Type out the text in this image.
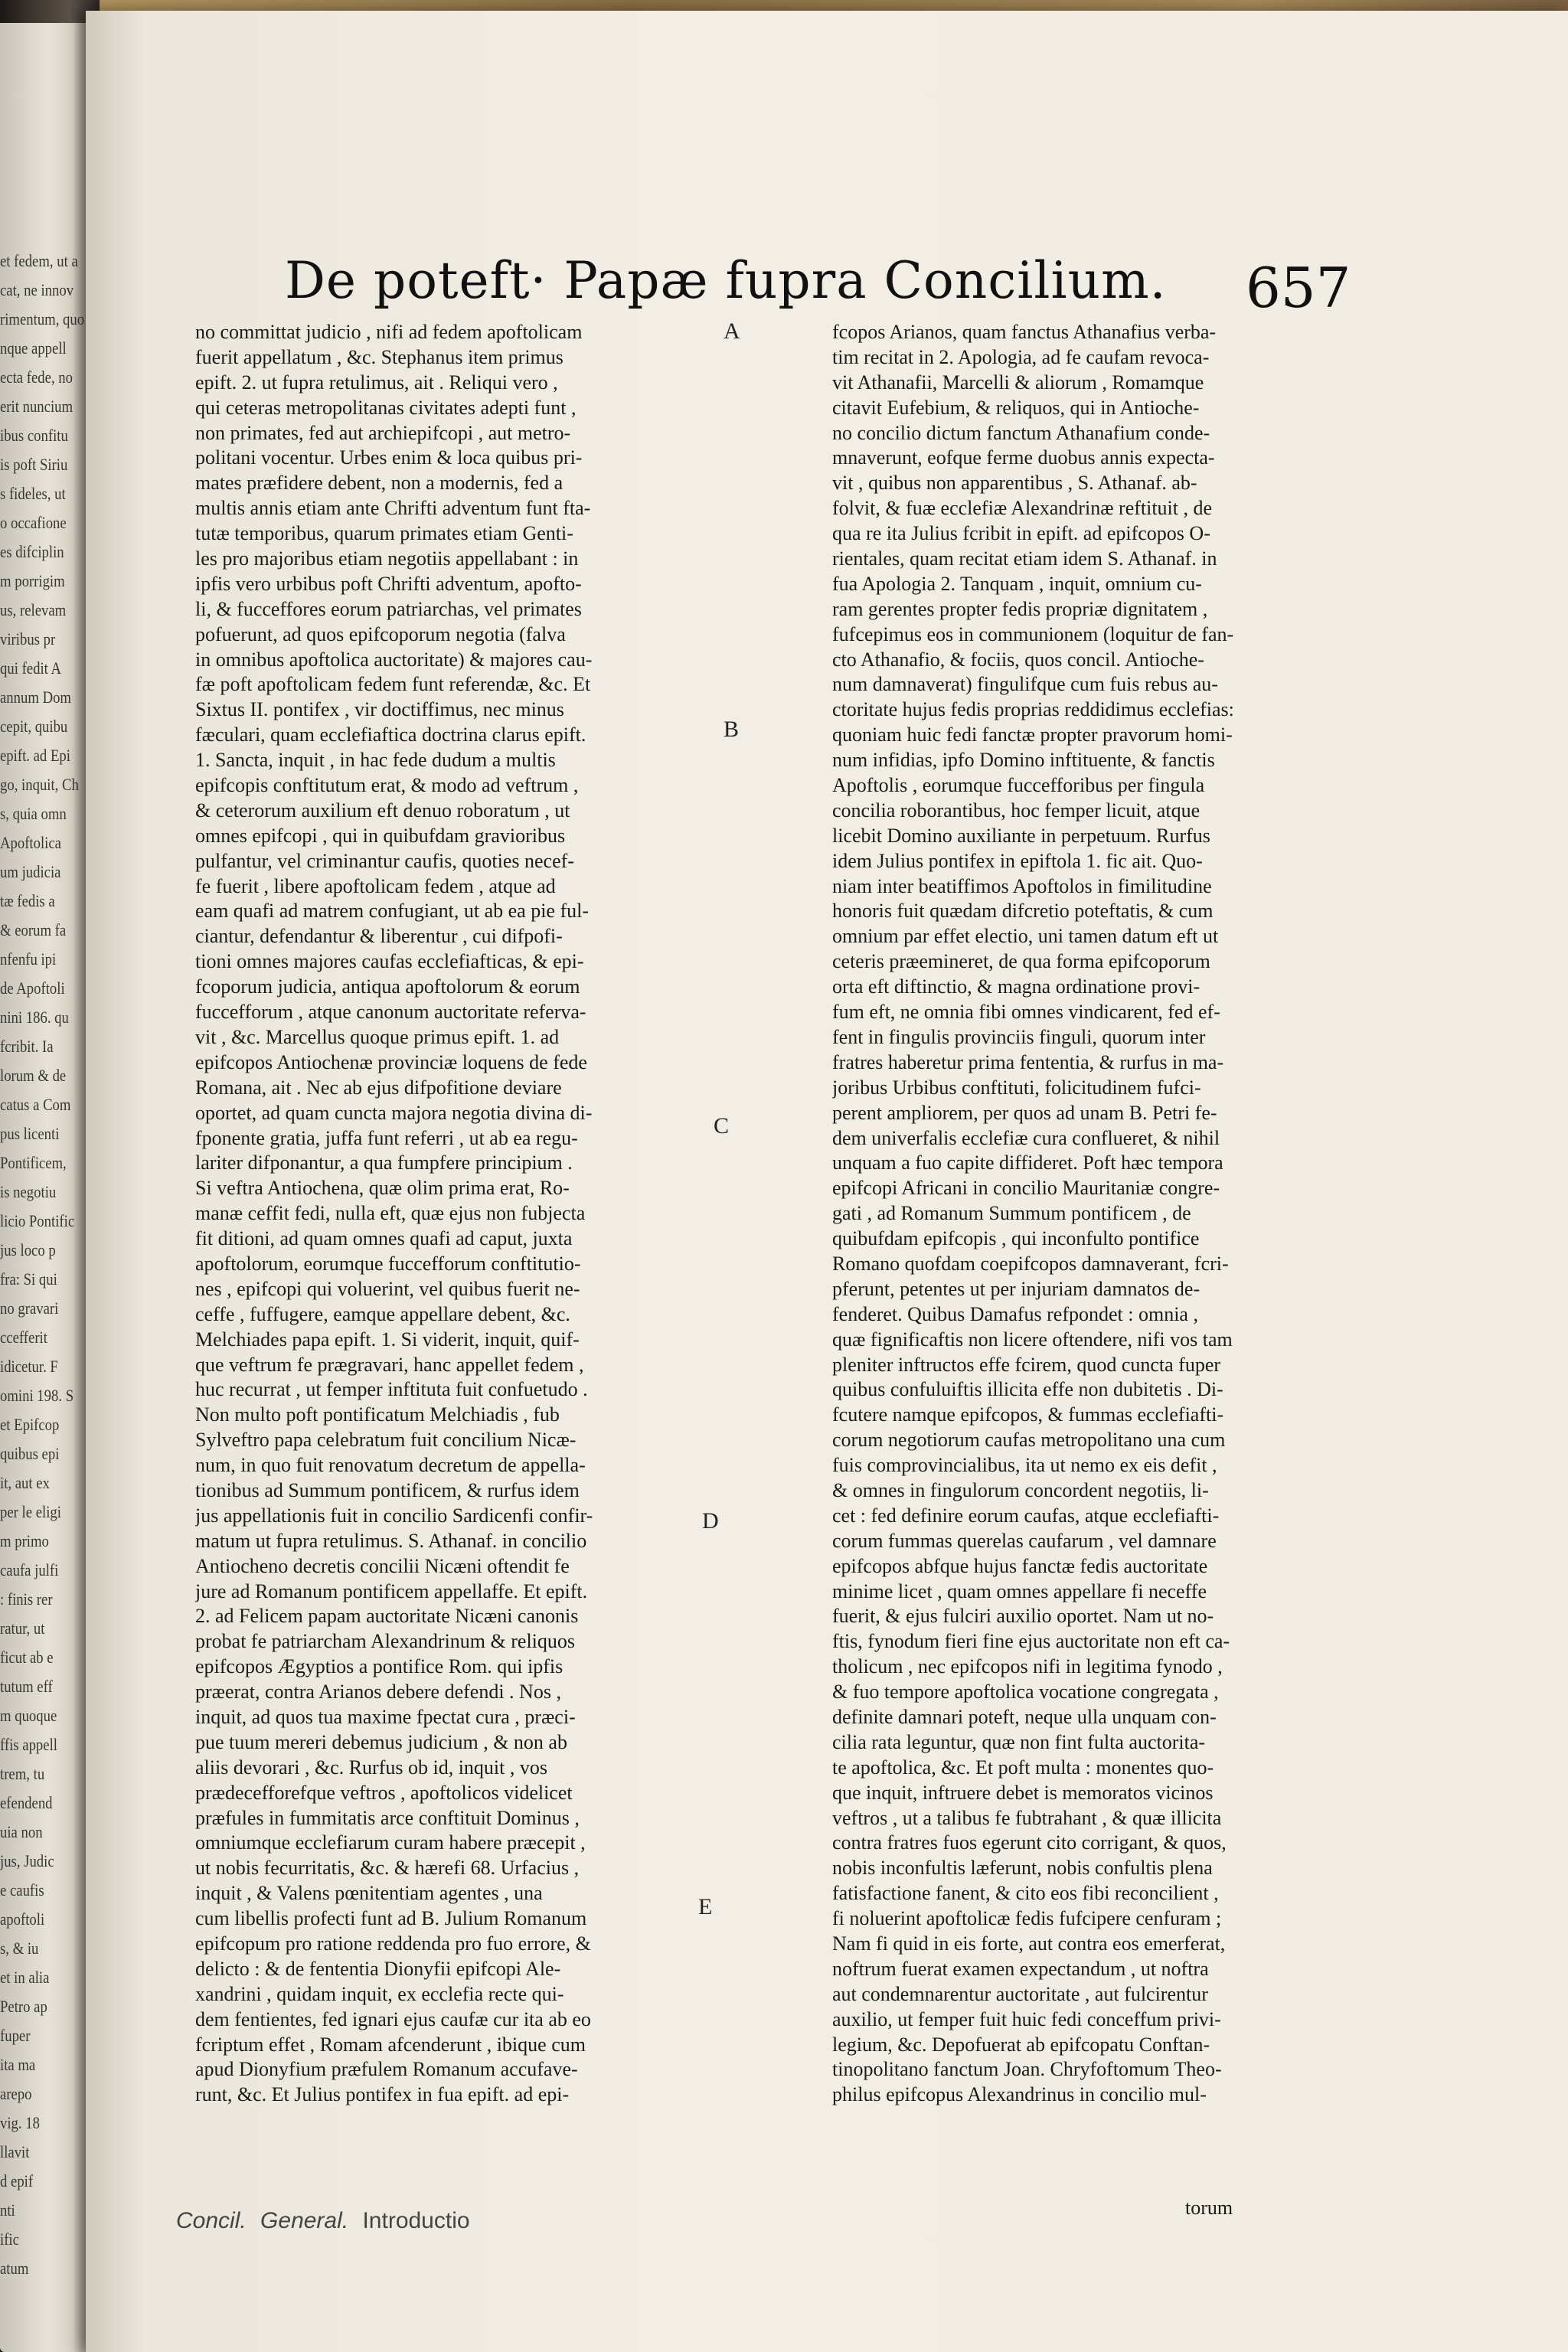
et fedem, ut a
cat, ne innov
rimentum, quo
nque appell
ecta fede, no
erit nuncium
ibus confitu
is poft Siriu
s fideles, ut
o occafione
es difciplin
m porrigim
us, relevam
viribus pr
qui fedit A
annum Dom
cepit, quibu
epift. ad Epi
go, inquit, Ch
s, quia omn
Apoftolica
um judicia
tæ fedis a
& eorum fa
nfenfu ipi
de Apoftoli
nini 186. qu
fcribit. Ia
lorum & de
catus a Com
pus licenti
Pontificem,
is negotiu
licio Pontific
jus loco p
fra: Si qui
no gravari
ccefferit
idicetur. F
omini 198. S
et Epifcop
quibus epi
it, aut ex
per le eligi
m primo
caufa julfi
: finis rer
ratur, ut
ficut ab e
tutum eff
m quoque
ffis appell
trem, tu
efendend
uia non
jus, Judic
e caufis
apoftoli
s, & iu
et in alia
Petro ap
fuper
ita ma
arepo
vig. 18
llavit
d epif
nti
ific
atum
De poteft· Papæ fupra Concilium. 657
no committat judicio , nifi ad fedem apoftolicam
fuerit appellatum , &c. Stephanus item primus
epift. 2. ut fupra retulimus, ait . Reliqui vero ,
qui ceteras metropolitanas civitates adepti funt ,
non primates, fed aut archiepifcopi , aut metro-
politani vocentur. Urbes enim & loca quibus pri-
mates præfidere debent, non a modernis, fed a
multis annis etiam ante Chrifti adventum funt fta-
tutæ temporibus, quarum primates etiam Genti-
les pro majoribus etiam negotiis appellabant : in
ipfis vero urbibus poft Chrifti adventum, apofto-
li, & fucceffores eorum patriarchas, vel primates
pofuerunt, ad quos epifcoporum negotia (falva
in omnibus apoftolica auctoritate) & majores cau-
fæ poft apoftolicam fedem funt referendæ, &c. Et
Sixtus II. pontifex , vir doctiffimus, nec minus
fæculari, quam ecclefiaftica doctrina clarus epift.
1. Sancta, inquit , in hac fede dudum a multis
epifcopis conftitutum erat, & modo ad veftrum ,
& ceterorum auxilium eft denuo roboratum , ut
omnes epifcopi , qui in quibufdam gravioribus
pulfantur, vel criminantur caufis, quoties necef-
fe fuerit , libere apoftolicam fedem , atque ad
eam quafi ad matrem confugiant, ut ab ea pie ful-
ciantur, defendantur & liberentur , cui difpofi-
tioni omnes majores caufas ecclefiafticas, & epi-
fcoporum judicia, antiqua apoftolorum & eorum
fuccefforum , atque canonum auctoritate referva-
vit , &c. Marcellus quoque primus epift. 1. ad
epifcopos Antiochenæ provinciæ loquens de fede
Romana, ait . Nec ab ejus difpofitione deviare
oportet, ad quam cuncta majora negotia divina di-
fponente gratia, juffa funt referri , ut ab ea regu-
lariter difponantur, a qua fumpfere principium .
Si veftra Antiochena, quæ olim prima erat, Ro-
manæ ceffit fedi, nulla eft, quæ ejus non fubjecta
fit ditioni, ad quam omnes quafi ad caput, juxta
apoftolorum, eorumque fuccefforum conftitutio-
nes , epifcopi qui voluerint, vel quibus fuerit ne-
ceffe , fuffugere, eamque appellare debent, &c.
Melchiades papa epift. 1. Si viderit, inquit, quif-
que veftrum fe prægravari, hanc appellet fedem ,
huc recurrat , ut femper inftituta fuit confuetudo .
Non multo poft pontificatum Melchiadis , fub
Sylveftro papa celebratum fuit concilium Nicæ-
num, in quo fuit renovatum decretum de appella-
tionibus ad Summum pontificem, & rurfus idem
jus appellationis fuit in concilio Sardicenfi confir-
matum ut fupra retulimus. S. Athanaf. in concilio
Antiocheno decretis concilii Nicæni oftendit fe
jure ad Romanum pontificem appellaffe. Et epift.
2. ad Felicem papam auctoritate Nicæni canonis
probat fe patriarcham Alexandrinum & reliquos
epifcopos Ægyptios a pontifice Rom. qui ipfis
præerat, contra Arianos debere defendi . Nos ,
inquit, ad quos tua maxime fpectat cura , præci-
pue tuum mereri debemus judicium , & non ab
aliis devorari , &c. Rurfus ob id, inquit , vos
prædecefforefque veftros , apoftolicos videlicet
præfules in fummitatis arce conftituit Dominus ,
omniumque ecclefiarum curam habere præcepit ,
ut nobis fecurritatis, &c. & hærefi 68. Urfacius ,
inquit , & Valens pœnitentiam agentes , una
cum libellis profecti funt ad B. Julium Romanum
epifcopum pro ratione reddenda pro fuo errore, &
delicto : & de fententia Dionyfii epifcopi Ale-
xandrini , quidam inquit, ex ecclefia recte qui-
dem fentientes, fed ignari ejus caufæ cur ita ab eo
fcriptum effet , Romam afcenderunt , ibique cum
apud Dionyfium præfulem Romanum accufave-
runt, &c. Et Julius pontifex in fua epift. ad epi-
A
B
C
D
E
fcopos Arianos, quam fanctus Athanafius verba-
tim recitat in 2. Apologia, ad fe caufam revoca-
vit Athanafii, Marcelli & aliorum , Romamque
citavit Eufebium, & reliquos, qui in Antioche-
no concilio dictum fanctum Athanafium conde-
mnaverunt, eofque ferme duobus annis expecta-
vit , quibus non apparentibus , S. Athanaf. ab-
folvit, & fuæ ecclefiæ Alexandrinæ reftituit , de
qua re ita Julius fcribit in epift. ad epifcopos O-
rientales, quam recitat etiam idem S. Athanaf. in
fua Apologia 2. Tanquam , inquit, omnium cu-
ram gerentes propter fedis propriæ dignitatem ,
fufcepimus eos in communionem (loquitur de fan-
cto Athanafio, & fociis, quos concil. Antioche-
num damnaverat) fingulifque cum fuis rebus au-
ctoritate hujus fedis proprias reddidimus ecclefias:
quoniam huic fedi fanctæ propter pravorum homi-
num infidias, ipfo Domino inftituente, & fanctis
Apoftolis , eorumque fuccefforibus per fingula
concilia roborantibus, hoc femper licuit, atque
licebit Domino auxiliante in perpetuum. Rurfus
idem Julius pontifex in epiftola 1. fic ait. Quo-
niam inter beatiffimos Apoftolos in fimilitudine
honoris fuit quædam difcretio poteftatis, & cum
omnium par effet electio, uni tamen datum eft ut
ceteris præemineret, de qua forma epifcoporum
orta eft diftinctio, & magna ordinatione provi-
fum eft, ne omnia fibi omnes vindicarent, fed ef-
fent in fingulis provinciis finguli, quorum inter
fratres haberetur prima fententia, & rurfus in ma-
joribus Urbibus conftituti, folicitudinem fufci-
perent ampliorem, per quos ad unam B. Petri fe-
dem univerfalis ecclefiæ cura conflueret, & nihil
unquam a fuo capite diffideret. Poft hæc tempora
epifcopi Africani in concilio Mauritaniæ congre-
gati , ad Romanum Summum pontificem , de
quibufdam epifcopis , qui inconfulto pontifice
Romano quofdam coepifcopos damnaverant, fcri-
pferunt, petentes ut per injuriam damnatos de-
fenderet. Quibus Damafus refpondet : omnia ,
quæ fignificaftis non licere oftendere, nifi vos tam
pleniter inftructos effe fcirem, quod cuncta fuper
quibus confuluiftis illicita effe non dubitetis . Di-
fcutere namque epifcopos, & fummas ecclefiafti-
corum negotiorum caufas metropolitano una cum
fuis comprovincialibus, ita ut nemo ex eis defit ,
& omnes in fingulorum concordent negotiis, li-
cet : fed definire eorum caufas, atque ecclefiafti-
corum fummas querelas caufarum , vel damnare
epifcopos abfque hujus fanctæ fedis auctoritate
minime licet , quam omnes appellare fi neceffe
fuerit, & ejus fulciri auxilio oportet. Nam ut no-
ftis, fynodum fieri fine ejus auctoritate non eft ca-
tholicum , nec epifcopos nifi in legitima fynodo ,
& fuo tempore apoftolica vocatione congregata ,
definite damnari poteft, neque ulla unquam con-
cilia rata leguntur, quæ non fint fulta auctorita-
te apoftolica, &c. Et poft multa : monentes quo-
que inquit, inftruere debet is memoratos vicinos
veftros , ut a talibus fe fubtrahant , & quæ illicita
contra fratres fuos egerunt cito corrigant, & quos,
nobis inconfultis læferunt, nobis confultis plena
fatisfactione fanent, & cito eos fibi reconcilient ,
fi noluerint apoftolicæ fedis fufcipere cenfuram ;
Nam fi quid in eis forte, aut contra eos emerferat,
noftrum fuerat examen expectandum , ut noftra
aut condemnarentur auctoritate , aut fulcirentur
auxilio, ut femper fuit huic fedi conceffum privi-
legium, &c. Depofuerat ab epifcopatu Conftan-
tinopolitano fanctum Joan. Chryfoftomum Theo-
philus epifcopus Alexandrinus in concilio mul-
torum
Concil. General. Introductio
